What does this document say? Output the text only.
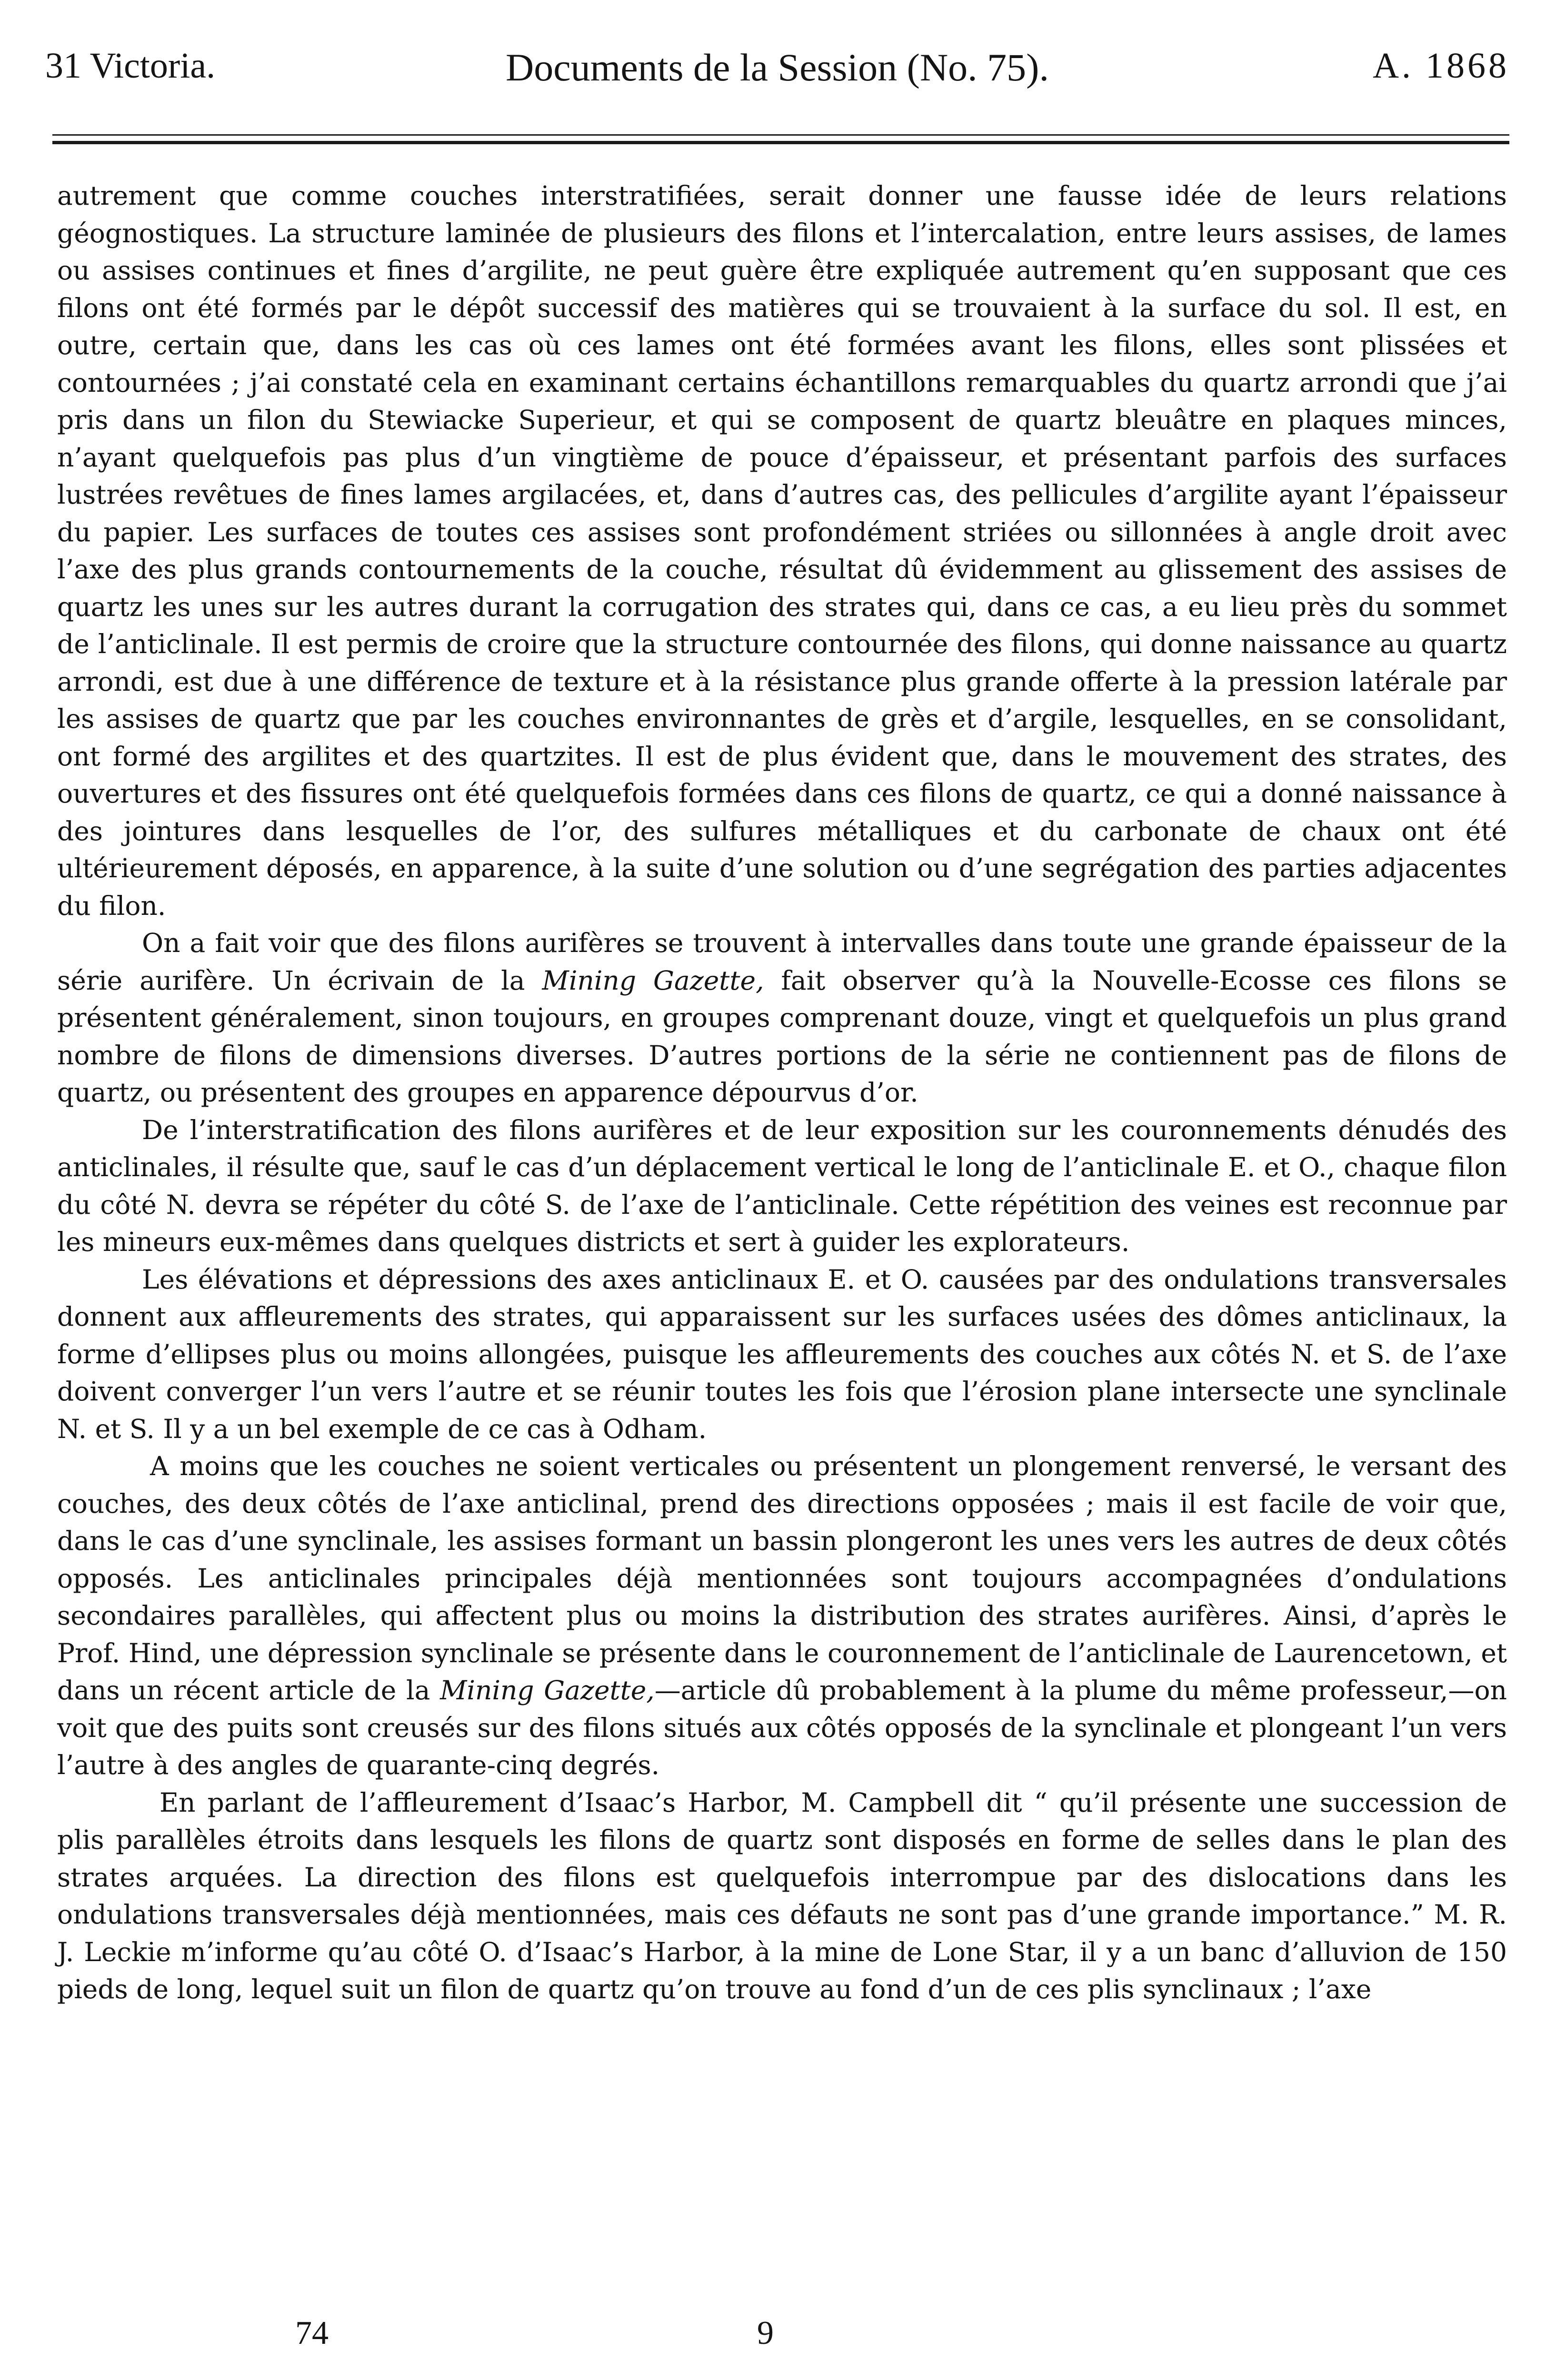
31 Victoria.	Documents de la Session (No. 75).	A. 1868

autrement que comme couches interstratifiées, serait donner une fausse idée de leurs relations géognostiques. La structure laminée de plusieurs des filons et l’intercalation, entre leurs assises, de lames ou assises continues et fines d’argilite, ne peut guère être expliquée autrement qu’en supposant que ces filons ont été formés par le dépôt successif des matières qui se trouvaient à la surface du sol. Il est, en outre, certain que, dans les cas où ces lames ont été formées avant les filons, elles sont plissées et contournées ; j’ai constaté cela en examinant certains échantillons remarquables du quartz arrondi que j’ai pris dans un filon du Stewiacke Superieur, et qui se composent de quartz bleuâtre en plaques minces, n’ayant quelquefois pas plus d’un vingtième de pouce d’épaisseur, et présentant parfois des surfaces lustrées revêtues de fines lames argilacées, et, dans d’autres cas, des pellicules d’argilite ayant l’épaisseur du papier. Les surfaces de toutes ces assises sont profondément striées ou sillonnées à angle droit avec l’axe des plus grands contournements de la couche, résultat dû évidemment au glissement des assises de quartz les unes sur les autres durant la corrugation des strates qui, dans ce cas, a eu lieu près du sommet de l’anticlinale. Il est permis de croire que la structure contournée des filons, qui donne naissance au quartz arrondi, est due à une différence de texture et à la résistance plus grande offerte à la pression latérale par les assises de quartz que par les couches environnantes de grès et d’argile, lesquelles, en se consolidant, ont formé des argilites et des quartzites. Il est de plus évident que, dans le mouvement des strates, des ouvertures et des fissures ont été quelquefois formées dans ces filons de quartz, ce qui a donné naissance à des jointures dans lesquelles de l’or, des sulfures métalliques et du carbonate de chaux ont été ultérieurement déposés, en apparence, à la suite d’une solution ou d’une segrégation des parties adjacentes du filon.

On a fait voir que des filons aurifères se trouvent à intervalles dans toute une grande épaisseur de la série aurifère. Un écrivain de la Mining Gazette, fait observer qu’à la Nouvelle-Ecosse ces filons se présentent généralement, sinon toujours, en groupes comprenant douze, vingt et quelquefois un plus grand nombre de filons de dimensions diverses. D’autres portions de la série ne contiennent pas de filons de quartz, ou présentent des groupes en apparence dépourvus d’or.

De l’interstratification des filons aurifères et de leur exposition sur les couronnements dénudés des anticlinales, il résulte que, sauf le cas d’un déplacement vertical le long de l’anticlinale E. et O., chaque filon du côté N. devra se répéter du côté S. de l’axe de l’anticlinale. Cette répétition des veines est reconnue par les mineurs eux-mêmes dans quelques districts et sert à guider les explorateurs.

Les élévations et dépressions des axes anticlinaux E. et O. causées par des ondulations transversales donnent aux affleurements des strates, qui apparaissent sur les surfaces usées des dômes anticlinaux, la forme d’ellipses plus ou moins allongées, puisque les affleurements des couches aux côtés N. et S. de l’axe doivent converger l’un vers l’autre et se réunir toutes les fois que l’érosion plane intersecte une synclinale N. et S. Il y a un bel exemple de ce cas à Odham.

A moins que les couches ne soient verticales ou présentent un plongement renversé, le versant des couches, des deux côtés de l’axe anticlinal, prend des directions opposées ; mais il est facile de voir que, dans le cas d’une synclinale, les assises formant un bassin plongeront les unes vers les autres de deux côtés opposés. Les anticlinales principales déjà mentionnées sont toujours accompagnées d’ondulations secondaires parallèles, qui affectent plus ou moins la distribution des strates aurifères. Ainsi, d’après le Prof. Hind, une dépression synclinale se présente dans le couronnement de l’anticlinale de Laurencetown, et dans un récent article de la Mining Gazette,—article dû probablement à la plume du même professeur,—on voit que des puits sont creusés sur des filons situés aux côtés opposés de la synclinale et plongeant l’un vers l’autre à des angles de quarante-cinq degrés.

En parlant de l’affleurement d’Isaac’s Harbor, M. Campbell dit “ qu’il présente une succession de plis parallèles étroits dans lesquels les filons de quartz sont disposés en forme de selles dans le plan des strates arquées. La direction des filons est quelquefois interrompue par des dislocations dans les ondulations transversales déjà mentionnées, mais ces défauts ne sont pas d’une grande importance.” M. R. J. Leckie m’informe qu’au côté O. d’Isaac’s Harbor, à la mine de Lone Star, il y a un banc d’alluvion de 150 pieds de long, lequel suit un filon de quartz qu’on trouve au fond d’un de ces plis synclinaux ; l’axe

74	9
